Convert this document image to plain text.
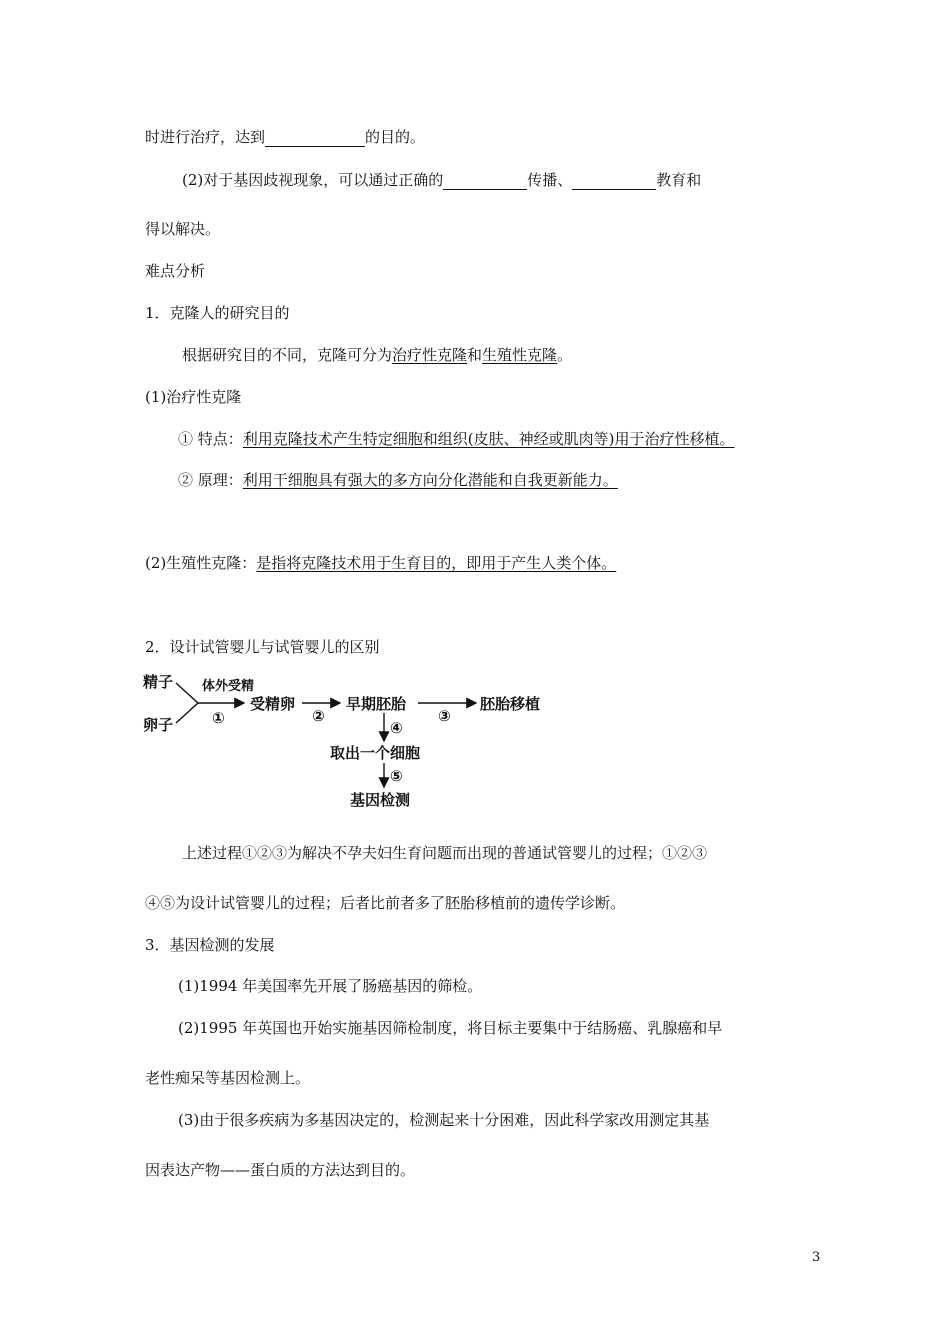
时进行治疗，达到	的目的。
(2)对于基因歧视现象，可以通过正确的	传播、	教育和
得以解决。
难点分析
1．克隆人的研究目的
根据研究目的不同，克隆可分为治疗性克隆和生殖性克隆。
(1)治疗性克隆
① 特点：利用克隆技术产生特定细胞和组织(皮肤、神经或肌肉等)用于治疗性移植。
② 原理：利用干细胞具有强大的多方向分化潜能和自我更新能力。
(2)生殖性克隆：是指将克隆技术用于生育目的，即用于产生人类个体。
2．设计试管婴儿与试管婴儿的区别
精子
卵子
体外受精
①
受精卵
②
早期胚胎
③
胚胎移植
④
取出一个细胞
⑤
基因检测
上述过程①②③为解决不孕夫妇生育问题而出现的普通试管婴儿的过程；①②③
④⑤为设计试管婴儿的过程；后者比前者多了胚胎移植前的遗传学诊断。
3．基因检测的发展
(1)1994 年美国率先开展了肠癌基因的筛检。
(2)1995 年英国也开始实施基因筛检制度，将目标主要集中于结肠癌、乳腺癌和早
老性痴呆等基因检测上。
(3)由于很多疾病为多基因决定的，检测起来十分困难，因此科学家改用测定其基
因表达产物——蛋白质的方法达到目的。
3
